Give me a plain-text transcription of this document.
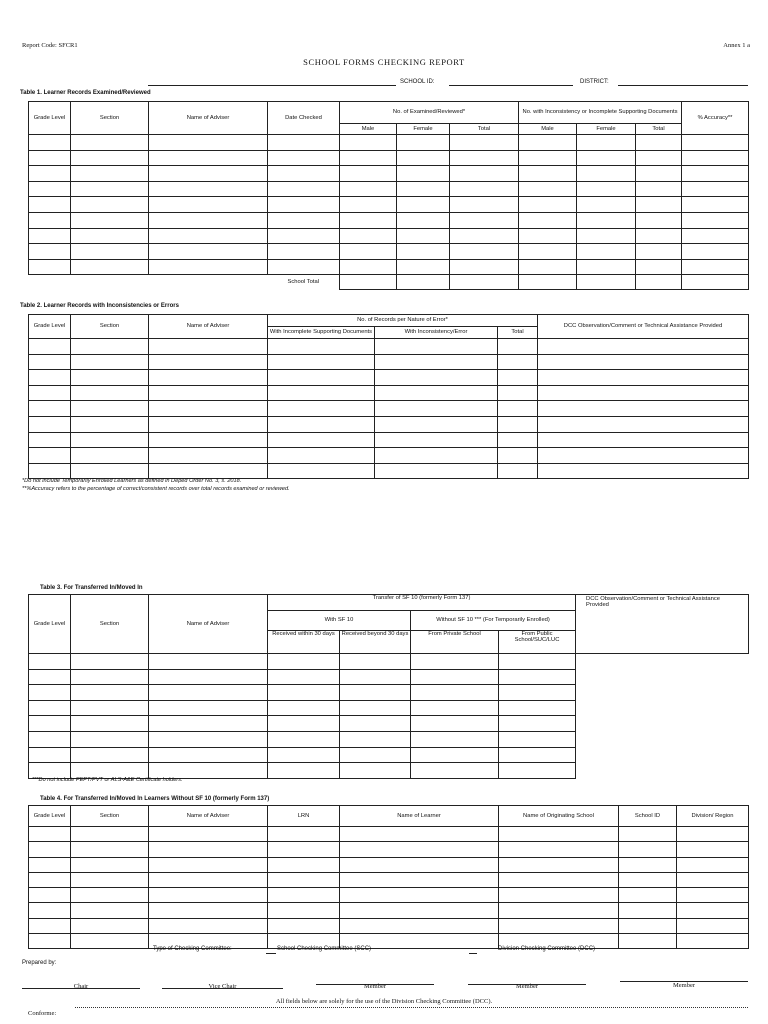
Report Code: SFCR1	Annex 1 a
SCHOOL FORMS CHECKING REPORT
SCHOOL ID:	DISTRICT:
Table 1. Learner Records Examined/Reviewed
Grade Level	Section	Name of Adviser	Date Checked	No. of Examined/Reviewed*			No. with Inconsistency or Incomplete Supporting Documents			% Accuracy**
				Male	Female	Total	Male	Female	Total	

			School Total							
Table 2. Learner Records with Inconsistencies or Errors
Grade Level	Section	Name of Adviser	No. of Records per Nature of Error*			DCC Observation/Comment or Technical Assistance Provided
			With Incomplete Supporting Documents	With Inconsistency/Error	Total	

*Do not include Temporarily Enrolled Learners as defined in Deped Order No. 3, s. 2018.
**%Accuracy refers to the percentage of correct/consistent records over total records examined or reviewed.
Table 3. For Transferred In/Moved In
Grade Level	Section	Name of Adviser	Transfer of SF 10 (formerly Form 137)				DCC Observation/Comment or Technical Assistance Provided
			With SF 10		Without SF 10 *** (For Temporarily Enrolled)		
			Received within 30 days	Received beyond 30 days	From Private School	From Public School/SUC/LUC	

***Do not include PEPT/PVT or ALS-A&E Certificate holders.
Table 4. For Transferred In/Moved In Learners Without SF 10 (formerly Form 137)
Grade Level	Section	Name of Adviser	LRN	Name of Learner	Name of Originating School	School ID	Division/ Region

Type of Checking Committee:	School Checking Committee (SCC)	Division Checking Committee (DCC)
Prepared by:
Chair	Vice Chair	Member	Member	Member
All fields below are solely for the use of the Division Checking Committee (DCC).
Conforme:
